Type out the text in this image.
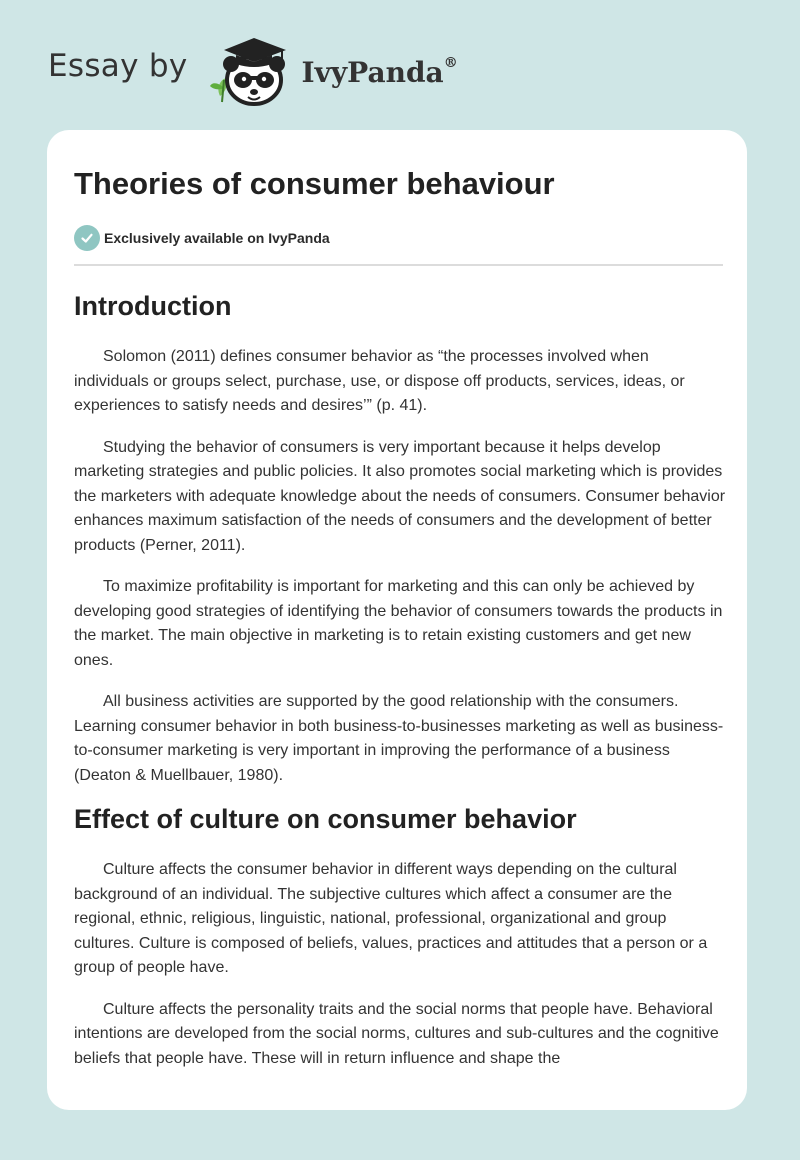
Essay by	IvyPanda®
Theories of consumer behaviour
Exclusively available on IvyPanda
Introduction

Solomon (2011) defines consumer behavior as “the processes involved when individuals or groups select, purchase, use, or dispose off products, services, ideas, or experiences to satisfy needs and desires’” (p. 41).

Studying the behavior of consumers is very important because it helps develop marketing strategies and public policies. It also promotes social marketing which is provides the marketers with adequate knowledge about the needs of consumers. Consumer behavior enhances maximum satisfaction of the needs of consumers and the development of better products (Perner, 2011).

To maximize profitability is important for marketing and this can only be achieved by developing good strategies of identifying the behavior of consumers towards the products in the market. The main objective in marketing is to retain existing customers and get new ones.

All business activities are supported by the good relationship with the consumers. Learning consumer behavior in both business-to-businesses marketing as well as business-to-consumer marketing is very important in improving the performance of a business (Deaton & Muellbauer, 1980).

Effect of culture on consumer behavior

Culture affects the consumer behavior in different ways depending on the cultural background of an individual. The subjective cultures which affect a consumer are the regional, ethnic, religious, linguistic, national, professional, organizational and group cultures. Culture is composed of beliefs, values, practices and attitudes that a person or a group of people have.

Culture affects the personality traits and the social norms that people have. Behavioral intentions are developed from the social norms, cultures and sub-cultures and the cognitive beliefs that people have. These will in return influence and shape the
